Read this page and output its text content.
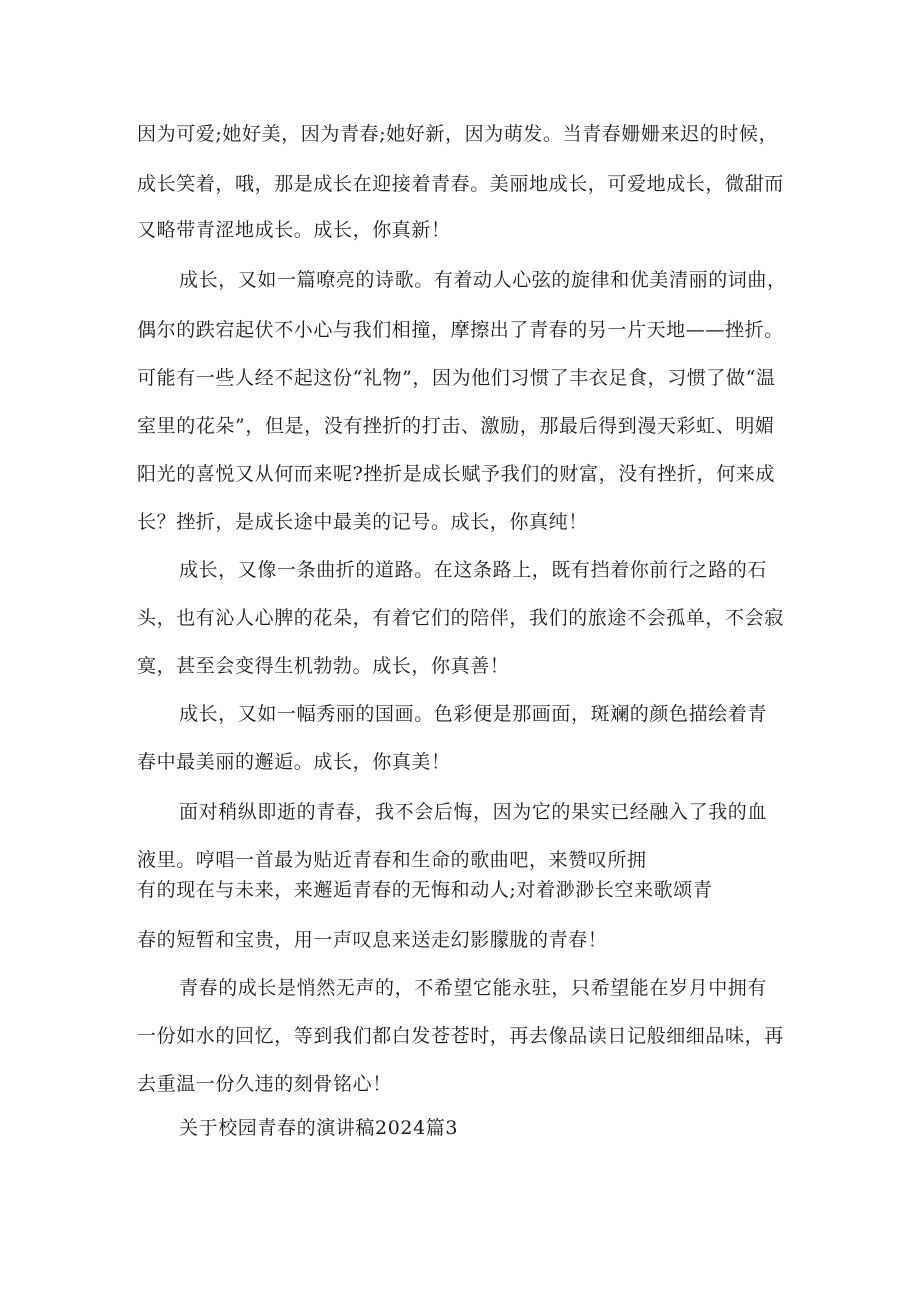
因为可爱;她好美，因为青春;她好新，因为萌发。当青春姗姗来迟的时候，
成长笑着，哦，那是成长在迎接着青春。美丽地成长，可爱地成长，微甜而
又略带青涩地成长。成长，你真新！
成长，又如一篇嘹亮的诗歌。有着动人心弦的旋律和优美清丽的词曲，
偶尔的跌宕起伏不小心与我们相撞，摩擦出了青春的另一片天地——挫折。
可能有一些人经不起这份“礼物”，因为他们习惯了丰衣足食，习惯了做“温
室里的花朵”，但是，没有挫折的打击、激励，那最后得到漫天彩虹、明媚
阳光的喜悦又从何而来呢?挫折是成长赋予我们的财富，没有挫折，何来成
长？挫折，是成长途中最美的记号。成长，你真纯！
成长，又像一条曲折的道路。在这条路上，既有挡着你前行之路的石
头，也有沁人心脾的花朵，有着它们的陪伴，我们的旅途不会孤单，不会寂
寞，甚至会变得生机勃勃。成长，你真善！
成长，又如一幅秀丽的国画。色彩便是那画面，斑斓的颜色描绘着青
春中最美丽的邂逅。成长，你真美！
面对稍纵即逝的青春，我不会后悔，因为它的果实已经融入了我的血
液里。哼唱一首最为贴近青春和生命的歌曲吧，来赞叹所拥
有的现在与未来，来邂逅青春的无悔和动人;对着渺渺长空来歌颂青
春的短暂和宝贵，用一声叹息来送走幻影朦胧的青春！
青春的成长是悄然无声的，不希望它能永驻，只希望能在岁月中拥有
一份如水的回忆，等到我们都白发苍苍时，再去像品读日记般细细品味，再
去重温一份久违的刻骨铭心！
关于校园青春的演讲稿2024篇3
